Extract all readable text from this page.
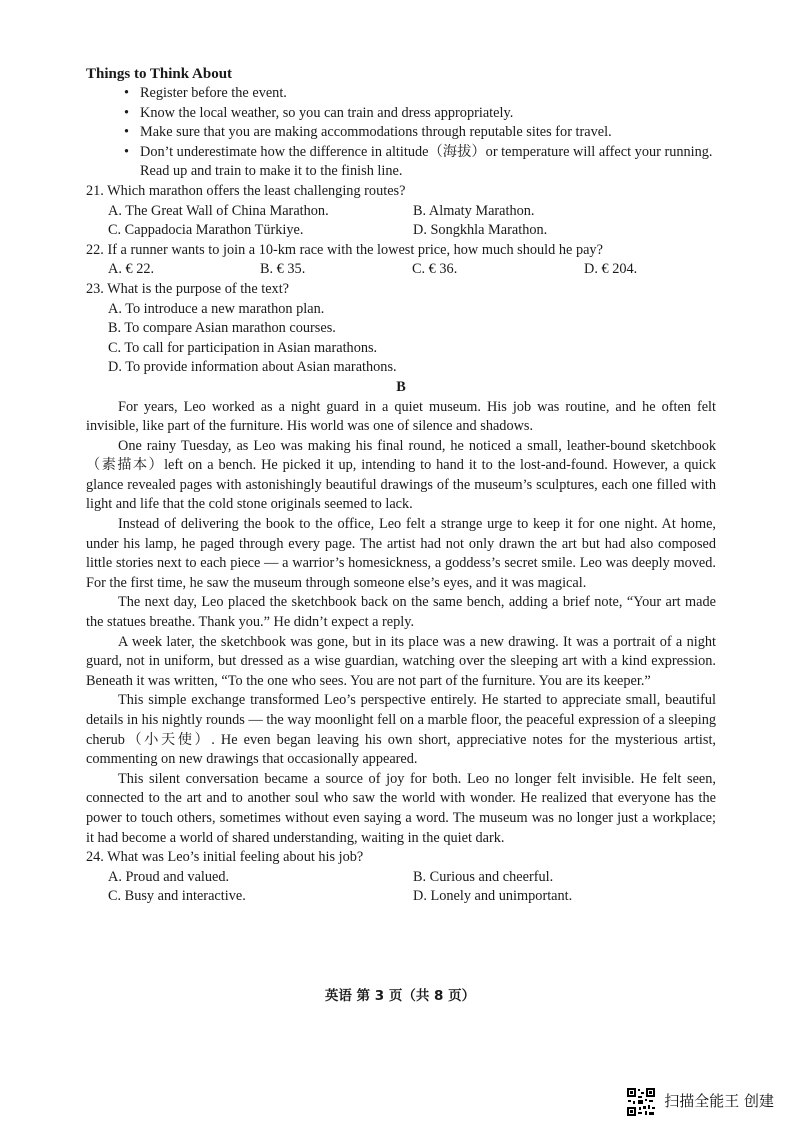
Things to Think About

• Register before the event.
• Know the local weather, so you can train and dress appropriately.
• Make sure that you are making accommodations through reputable sites for travel.
• Don’t underestimate how the difference in altitude（海拔）or temperature will affect your running. Read up and train to make it to the finish line.
21. Which marathon offers the least challenging routes?
A. The Great Wall of China Marathon.	B. Almaty Marathon.
C. Cappadocia Marathon Türkiye.	D. Songkhla Marathon.
22. If a runner wants to join a 10-km race with the lowest price, how much should he pay?
A. € 22.	B. € 35.	C. € 36.	D. € 204.
23. What is the purpose of the text?
A. To introduce a new marathon plan.
B. To compare Asian marathon courses.
C. To call for participation in Asian marathons.
D. To provide information about Asian marathons.

B

For years, Leo worked as a night guard in a quiet museum. His job was routine, and he often felt invisible, like part of the furniture. His world was one of silence and shadows.

One rainy Tuesday, as Leo was making his final round, he noticed a small, leather-bound sketchbook（素描本）left on a bench. He picked it up, intending to hand it to the lost-and-found. However, a quick glance revealed pages with astonishingly beautiful drawings of the museum’s sculptures, each one filled with light and life that the cold stone originals seemed to lack.

Instead of delivering the book to the office, Leo felt a strange urge to keep it for one night. At home, under his lamp, he paged through every page. The artist had not only drawn the art but had also composed little stories next to each piece — a warrior’s homesickness, a goddess’s secret smile. Leo was deeply moved. For the first time, he saw the museum through someone else’s eyes, and it was magical.

The next day, Leo placed the sketchbook back on the same bench, adding a brief note, “Your art made the statues breathe. Thank you.” He didn’t expect a reply.

A week later, the sketchbook was gone, but in its place was a new drawing. It was a portrait of a night guard, not in uniform, but dressed as a wise guardian, watching over the sleeping art with a kind expression. Beneath it was written, “To the one who sees. You are not part of the furniture. You are its keeper.”

This simple exchange transformed Leo’s perspective entirely. He started to appreciate small, beautiful details in his nightly rounds — the way moonlight fell on a marble floor, the peaceful expression of a sleeping cherub（小天使）. He even began leaving his own short, appreciative notes for the mysterious artist, commenting on new drawings that occasionally appeared.

This silent conversation became a source of joy for both. Leo no longer felt invisible. He felt seen, connected to the art and to another soul who saw the world with wonder. He realized that everyone has the power to touch others, sometimes without even saying a word. The museum was no longer just a workplace; it had become a world of shared understanding, waiting in the quiet dark.

24. What was Leo’s initial feeling about his job?
A. Proud and valued.	B. Curious and cheerful.
C. Busy and interactive.	D. Lonely and unimportant.
英语 第 3 页（共 8 页）
扫描全能王 创建
